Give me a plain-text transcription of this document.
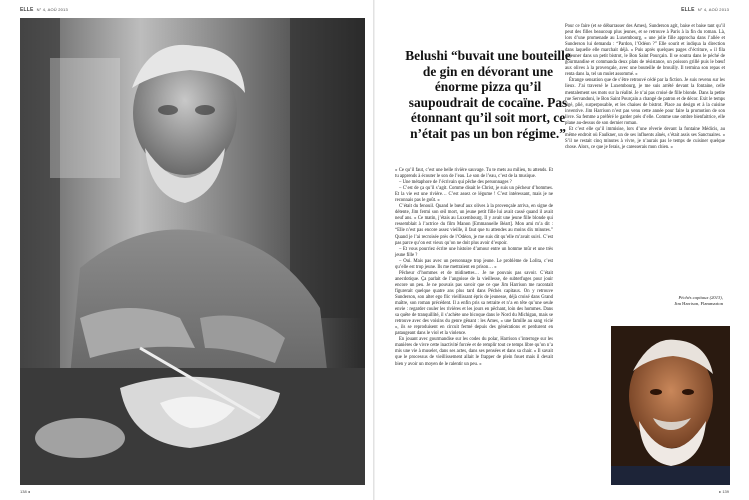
ELLE N° 4, AOÛ 2013
138 ◂
ELLE N° 4, AOÛ 2013
Belushi “buvait une bouteille de gin en dévorant une énorme pizza qu’il saupoudrait de cocaïne. Pas étonnant qu’il soit mort, ce n’était pas un bon régime.”

« Ce qu’il faut, c’est une belle rivière sauvage. Tu te mets au milieu, tu attends. Et tu apprends à écouter le son de l’eau. Le son de l’eau, c’est de la musique.

– Une métaphore de l’écrivain qui pêche des personnages ?

– C’est de ça qu’il s’agit. Comme disait le Christ, je suis un pêcheur d’hommes. Et la vie est une rivière… C’est assez ce légume ! C’est intéressant, mais je ne reconnais pas le goût. »

C’était du fenouil. Quand le bœuf aux olives à la provençale arriva, en signe de détente, Jim fermi son œil mort, un jeune petit fille lui avait cassé quand il avait neuf ans. « Ce matin, j’étais au Luxembourg. Il y avait une jeune fille blonde qui ressemblait à l’actrice du film Manon [Emmanuelle Béart]. Mon ami m’a dit : “Elle n’est pas encore assez vieille, il faut que tu attendes au moins dix minutes.” Quand je l’ai recroisée près de l’Odéon, je me suis dit qu’elle m’avait suivi. C’est pas parce qu’on est vieux qu’on ne doit plus avoir d’espoir.

– Et vous pourriez écrire une histoire d’amour entre un homme mûr et une très jeune fille ?

– Oui. Mais pas avec un personnage trop jeune. Le problème de Lolita, c’est qu’elle est trop jeune. Ils me mettraient en prison… »

Pêcheur d’hommes et de midinettes… Je ne pouvais pas savoir. C’était anecdotique. Ça parlait de l’angoisse de la vieillesse, de subterfuges pour jouir encore un peu. Je ne pouvais pas savoir que ce que Jim Harrison me racontait figurerait quelque quatre ans plus tard dans Péchés capitaux. On y retrouve Sunderson, son alter ego flic vieillissant épris de jeunesse, déjà croisé dans Grand maître, son roman précédent. Il a enfin pris sa retraite et n’a en tête qu’une seule envie : regarder couler les rivières et les jours en pêchant, loin des hommes. Dans sa quête de tranquillité, il s’achète une bicoque dans le Nord du Michigan, mais se retrouve avec des voisins du genre gênant : les Ames, « une famille au sang vicié », ils se reproduisent en circuit fermé depuis des générations et perdurent en pataugeant dans le viol et la violence.

En jouant avec gourmandise sur les codes du polar, Harrison s’interroge sur les manières de vivre cette inactivité forcée et de remplir tout ce temps libre qu’on n’a mis une vie à museler, dans ses actes, dans ses pensées et dans sa chair. « Il savait que le processus de vieillissement allait le frapper de plein fouet mais il devait bien y avoir un moyen de le ralentir un peu. »

Pour ce faire (et se débarrasser des Ames), Sunderson agit, baise et baise tant qu’il peut des filles beaucoup plus jeunes, et se retrouve à Paris à la fin du roman. Là, lors d’une promenade au Luxembourg, « une jolie fille approcha dans l’allée et Sunderson lui demanda : “Pardon, l’Odéon ?” Elle sourit et indiqua la direction dans laquelle elle marchait déjà. » Puis après quelques pages d’écriture, « il fila déjeuner dans un petit bistrot, le Bon Saint Pourçain. Il se soutra dans le péché de gourmandise et commanda deux plats de résistance, un poisson grillé puis le bœuf aux olives à la provençale, avec une bouteille de brouilly. Il termina son repas et renta dans la, tel un mulet assommé. »

Étrange sensation que de s’être retrouvé cédé par la fiction. Je suis revenu sur les lieux. J’ai traversé le Luxembourg, je me suis arrêté devant la fontaine, celle mentalement ses mots sur la réalité. Je n’ai pas croisé de fille blonde. Dans la petite rue Servandoni, le Bon Saint Pourçain a changé de patron et de décor. Exit le temps figé, plié, surperposable, et les chaises de bistrot. Place au design et à la cuisine inventive. Jim Harrison n’est pas venu cette année pour faire la promotion de son livre. Sa femme a préféré le garder près d’elle. Comme une ombre bienfaitrice, elle plane au-dessus de son dernier roman.

Et c’est elle qu’il immisise, lors d’une rêverie devant la fontaine Médicis, au même endroit où Faulkner, un de ses influents aînés, s’était assis ses Sanctuaires. « S’il ne restait cinq minutes à vivre, je n’aurais pas le temps de cuisiner quelque chose. Alors, ce que je ferais, je caresserais mon chien. »

Péchés capitaux (2013),
Jim Harrison, Flammarion
▸ 139
